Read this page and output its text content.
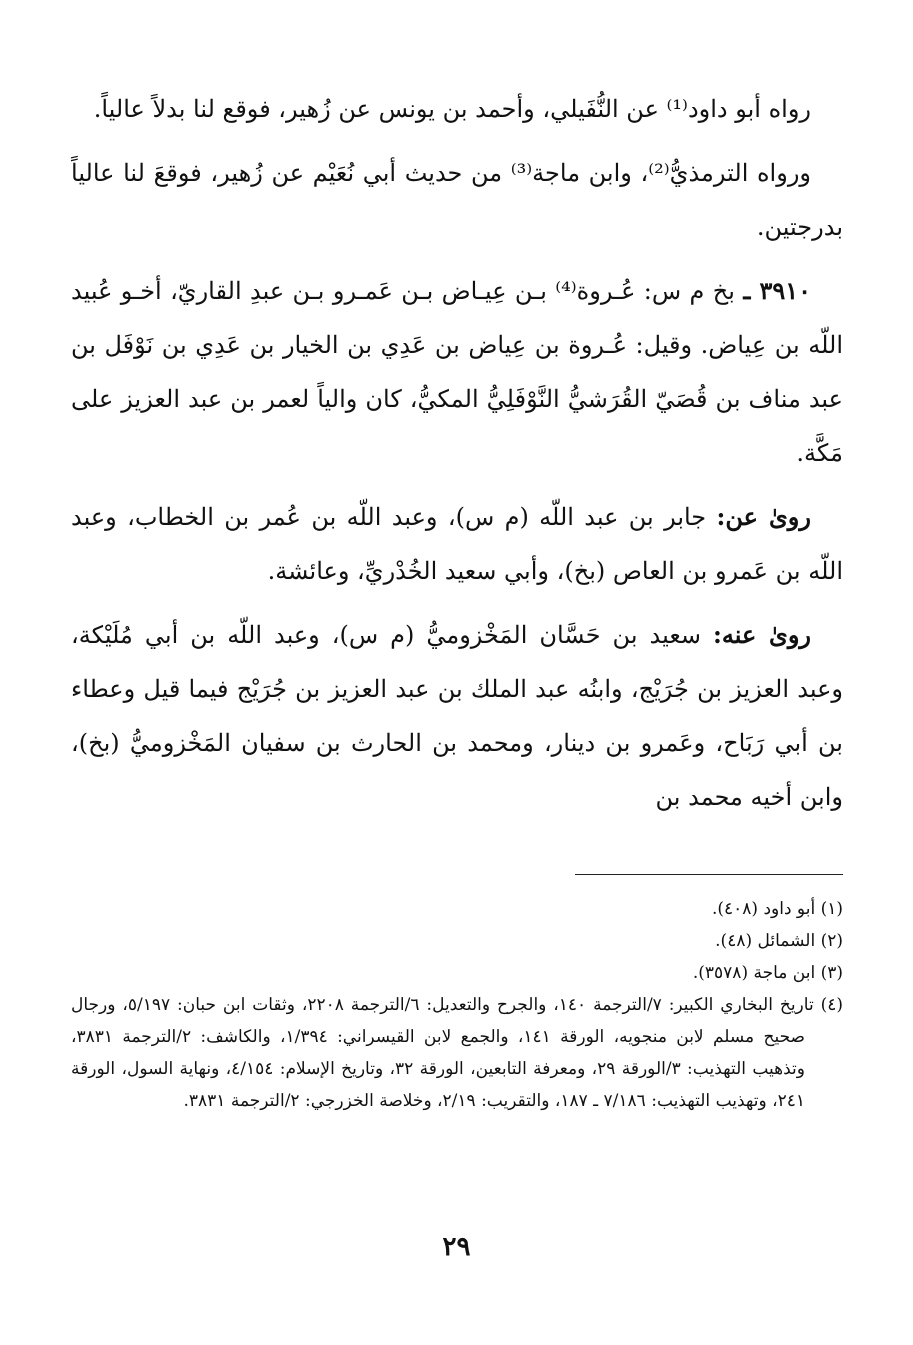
رواه أبو داود⁽¹⁾ عن النُّفَيلي، وأحمد بن يونس عن زُهير، فوقع لنا بدلاً عالياً.

ورواه الترمذيُّ⁽²⁾، وابن ماجة⁽³⁾ من حديث أبي نُعَيْم عن زُهير، فوقعَ لنا عالياً بدرجتين.

٣٩١٠ ـ بخ م س: عُـروة⁽⁴⁾ بـن عِيـاض بـن عَمـرو بـن عبدِ القاريّ، أخـو عُبيد اللّه بن عِياض. وقيل: عُـروة بن عِياض بن عَدِي بن الخيار بن عَدِي بن نَوْفَل بن عبد مناف بن قُصَيّ القُرَشيُّ النَّوْفَلِيُّ المكيُّ، كان والياً لعمر بن عبد العزيز على مَكَّة.

روىٰ عن: جابر بن عبد اللّه (م س)، وعبد اللّه بن عُمر بن الخطاب، وعبد اللّه بن عَمرو بن العاص (بخ)، وأبي سعيد الخُدْريِّ، وعائشة.

روىٰ عنه: سعيد بن حَسَّان المَخْزوميُّ (م س)، وعبد اللّه بن أبي مُلَيْكة، وعبد العزيز بن جُرَيْج، وابنُه عبد الملك بن عبد العزيز بن جُرَيْج فيما قيل وعطاء بن أبي رَبَاح، وعَمرو بن دينار، ومحمد بن الحارث بن سفيان المَخْزوميُّ (بخ)، وابن أخيه محمد بن

(١) أبو داود (٤٠٨).

(٢) الشمائل (٤٨).

(٣) ابن ماجة (٣٥٧٨).

(٤) تاريخ البخاري الكبير: ٧/الترجمة ١٤٠، والجرح والتعديل: ٦/الترجمة ٢٢٠٨، وثقات ابن حبان: ٥/١٩٧، ورجال صحيح مسلم لابن منجويه، الورقة ١٤١، والجمع لابن القيسراني: ١/٣٩٤، والكاشف: ٢/الترجمة ٣٨٣١، وتذهيب التهذيب: ٣/الورقة ٢٩، ومعرفة التابعين، الورقة ٣٢، وتاريخ الإسلام: ٤/١٥٤، ونهاية السول، الورقة ٢٤١، وتهذيب التهذيب: ٧/١٨٦ ـ ١٨٧، والتقريب: ٢/١٩، وخلاصة الخزرجي: ٢/الترجمة ٣٨٣١.

٢٩
